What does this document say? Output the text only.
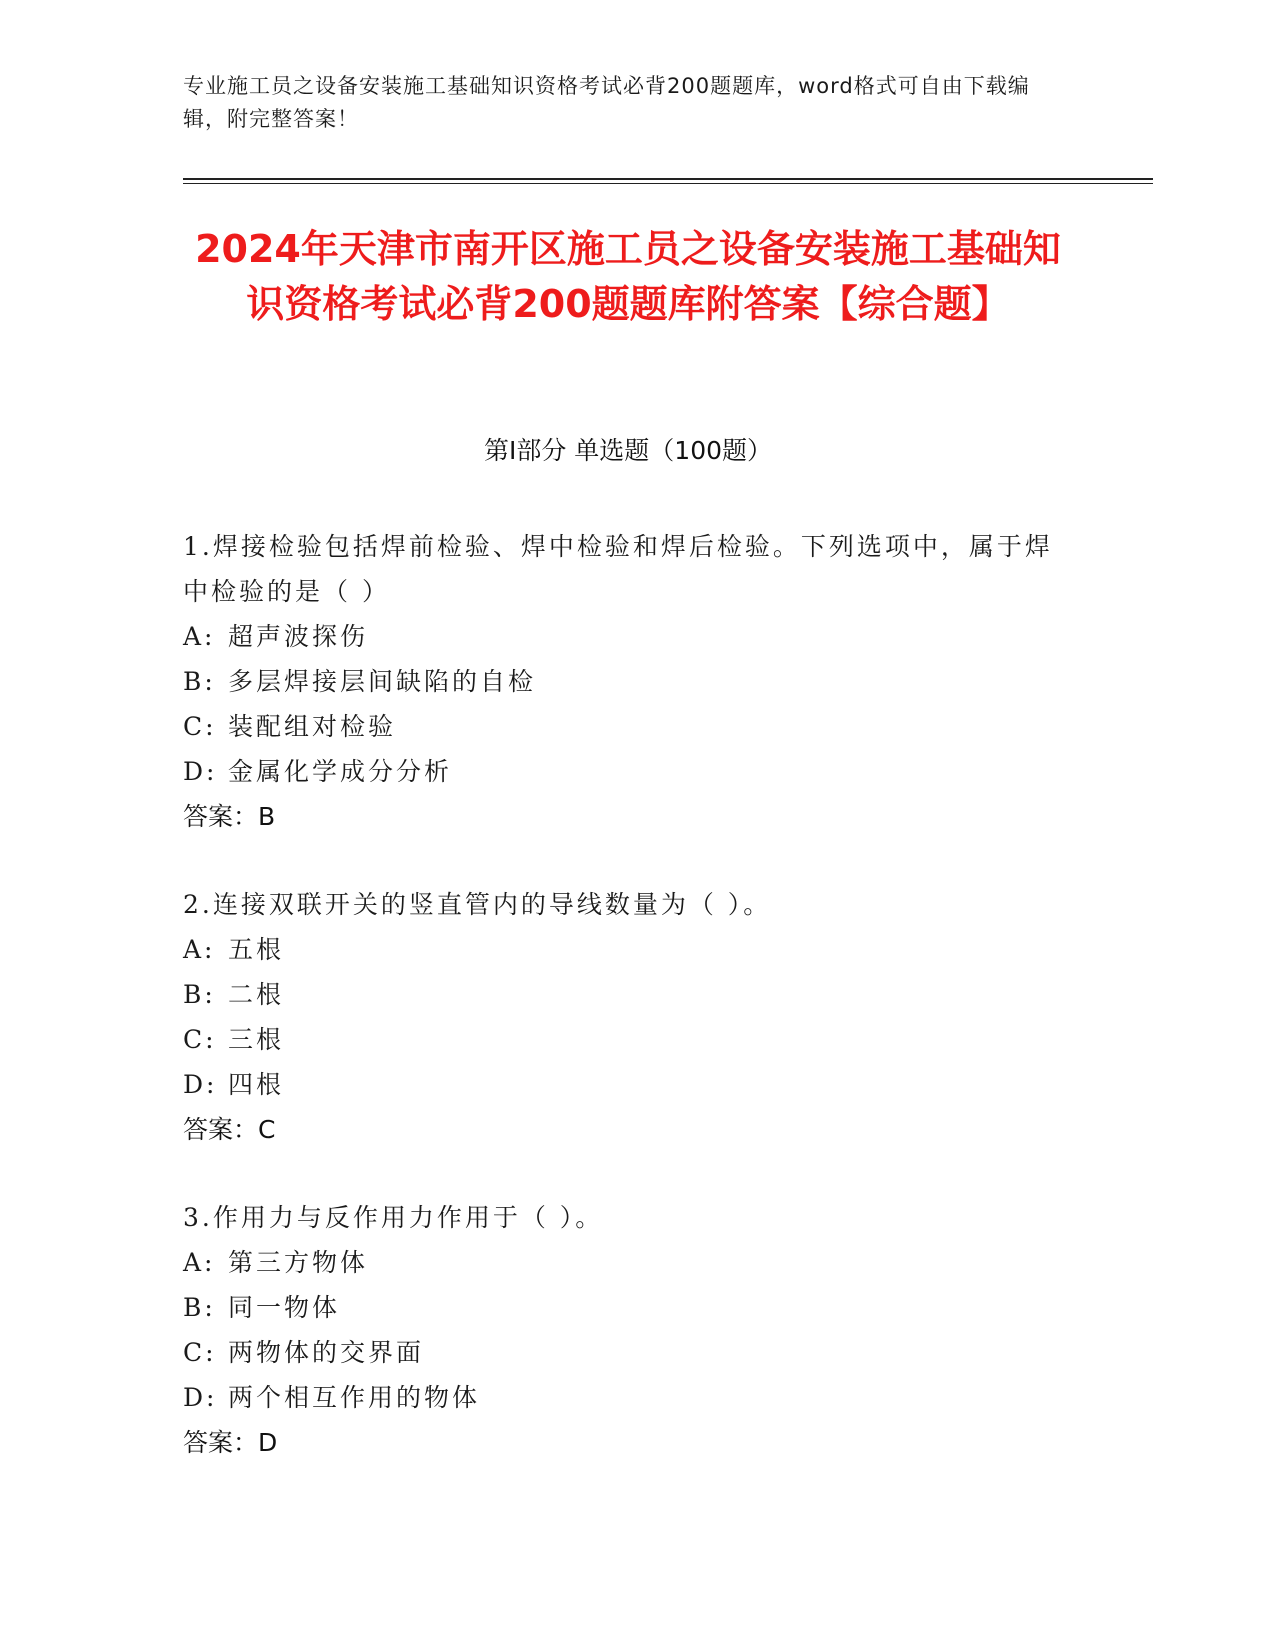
专业施工员之设备安装施工基础知识资格考试必背200题题库，word格式可自由下载编辑，附完整答案！
2024年天津市南开区施工员之设备安装施工基础知识资格考试必背200题题库附答案【综合题】
第I部分 单选题（100题）
1.焊接检验包括焊前检验、焊中检验和焊后检验。下列选项中，属于焊中检验的是（ ）
A: 超声波探伤
B: 多层焊接层间缺陷的自检
C: 装配组对检验
D: 金属化学成分分析
答案：B
2.连接双联开关的竖直管内的导线数量为（ ）。
A: 五根
B: 二根
C: 三根
D: 四根
答案：C
3.作用力与反作用力作用于（ ）。
A: 第三方物体
B: 同一物体
C: 两物体的交界面
D: 两个相互作用的物体
答案：D
